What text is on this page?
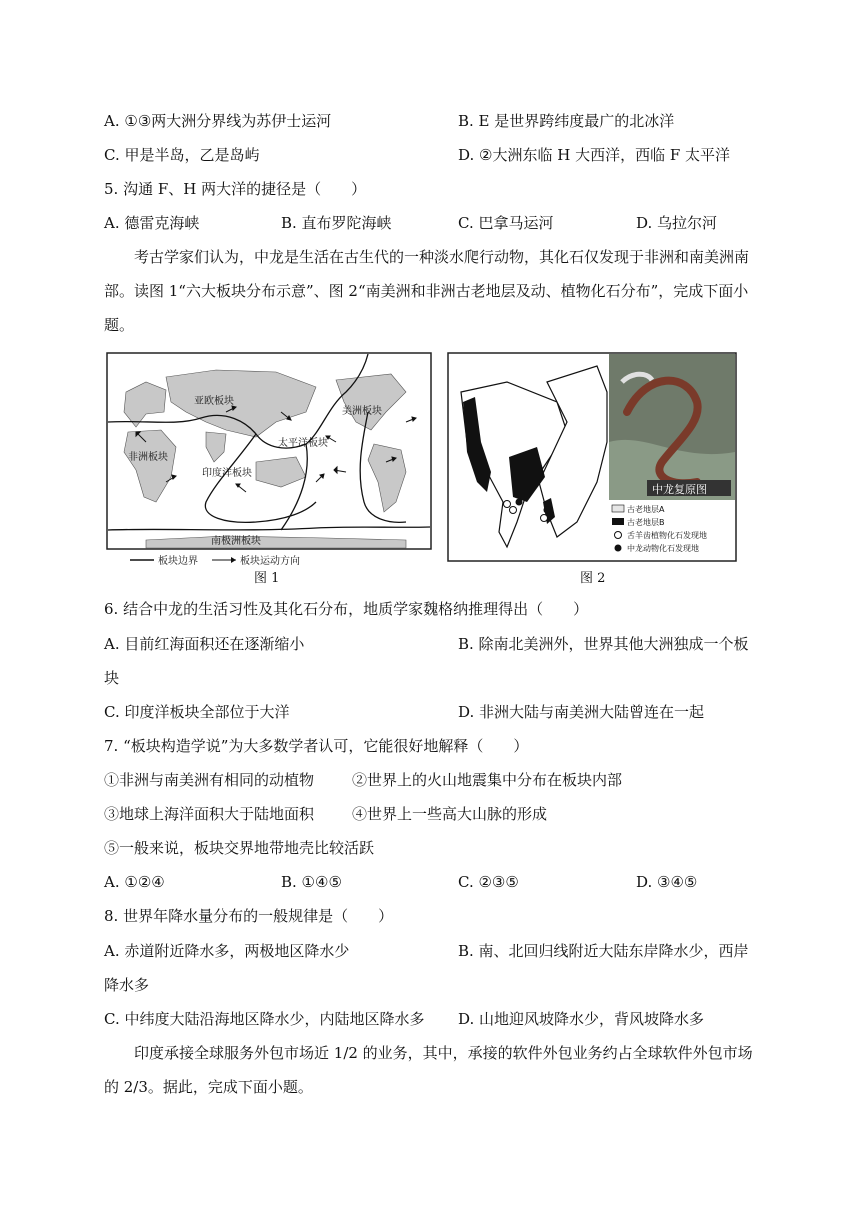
A. ①③两大洲分界线为苏伊士运河	B. E 是世界跨纬度最广的北冰洋
C. 甲是半岛，乙是岛屿	D. ②大洲东临 H 大西洋，西临 F 太平洋
5. 沟通 F、H 两大洋的捷径是（　　）
A. 德雷克海峡	B. 直布罗陀海峡	C. 巴拿马运河	D. 乌拉尔河
考古学家们认为，中龙是生活在古生代的一种淡水爬行动物，其化石仅发现于非洲和南美洲南部。读图 1“六大板块分布示意”、图 2“南美洲和非洲古老地层及动、植物化石分布”，完成下面小题。
亚欧板块
美洲板块
太平洋板块
非洲板块
印度洋板块
南极洲板块
板块边界	板块运动方向
图 1
中龙复原图
古老地层A
古老地层B
舌羊齿植物化石发现地
中龙动物化石发现地
图 2
6. 结合中龙的生活习性及其化石分布，地质学家魏格纳推理得出（　　）
A. 目前红海面积还在逐渐缩小	B. 除南北美洲外，世界其他大洲独成一个板
块
C. 印度洋板块全部位于大洋	D. 非洲大陆与南美洲大陆曾连在一起
7. “板块构造学说”为大多数学者认可，它能很好地解释（　　）
①非洲与南美洲有相同的动植物	②世界上的火山地震集中分布在板块内部
③地球上海洋面积大于陆地面积	④世界上一些高大山脉的形成
⑤一般来说，板块交界地带地壳比较活跃
A. ①②④	B. ①④⑤	C. ②③⑤	D. ③④⑤
8. 世界年降水量分布的一般规律是（　　）
A. 赤道附近降水多，两极地区降水少	B. 南、北回归线附近大陆东岸降水少，西岸
降水多
C. 中纬度大陆沿海地区降水少，内陆地区降水多 D. 山地迎风坡降水少，背风坡降水多
印度承接全球服务外包市场近 1/2 的业务，其中，承接的软件外包业务约占全球软件外包市场的 2/3。据此，完成下面小题。
